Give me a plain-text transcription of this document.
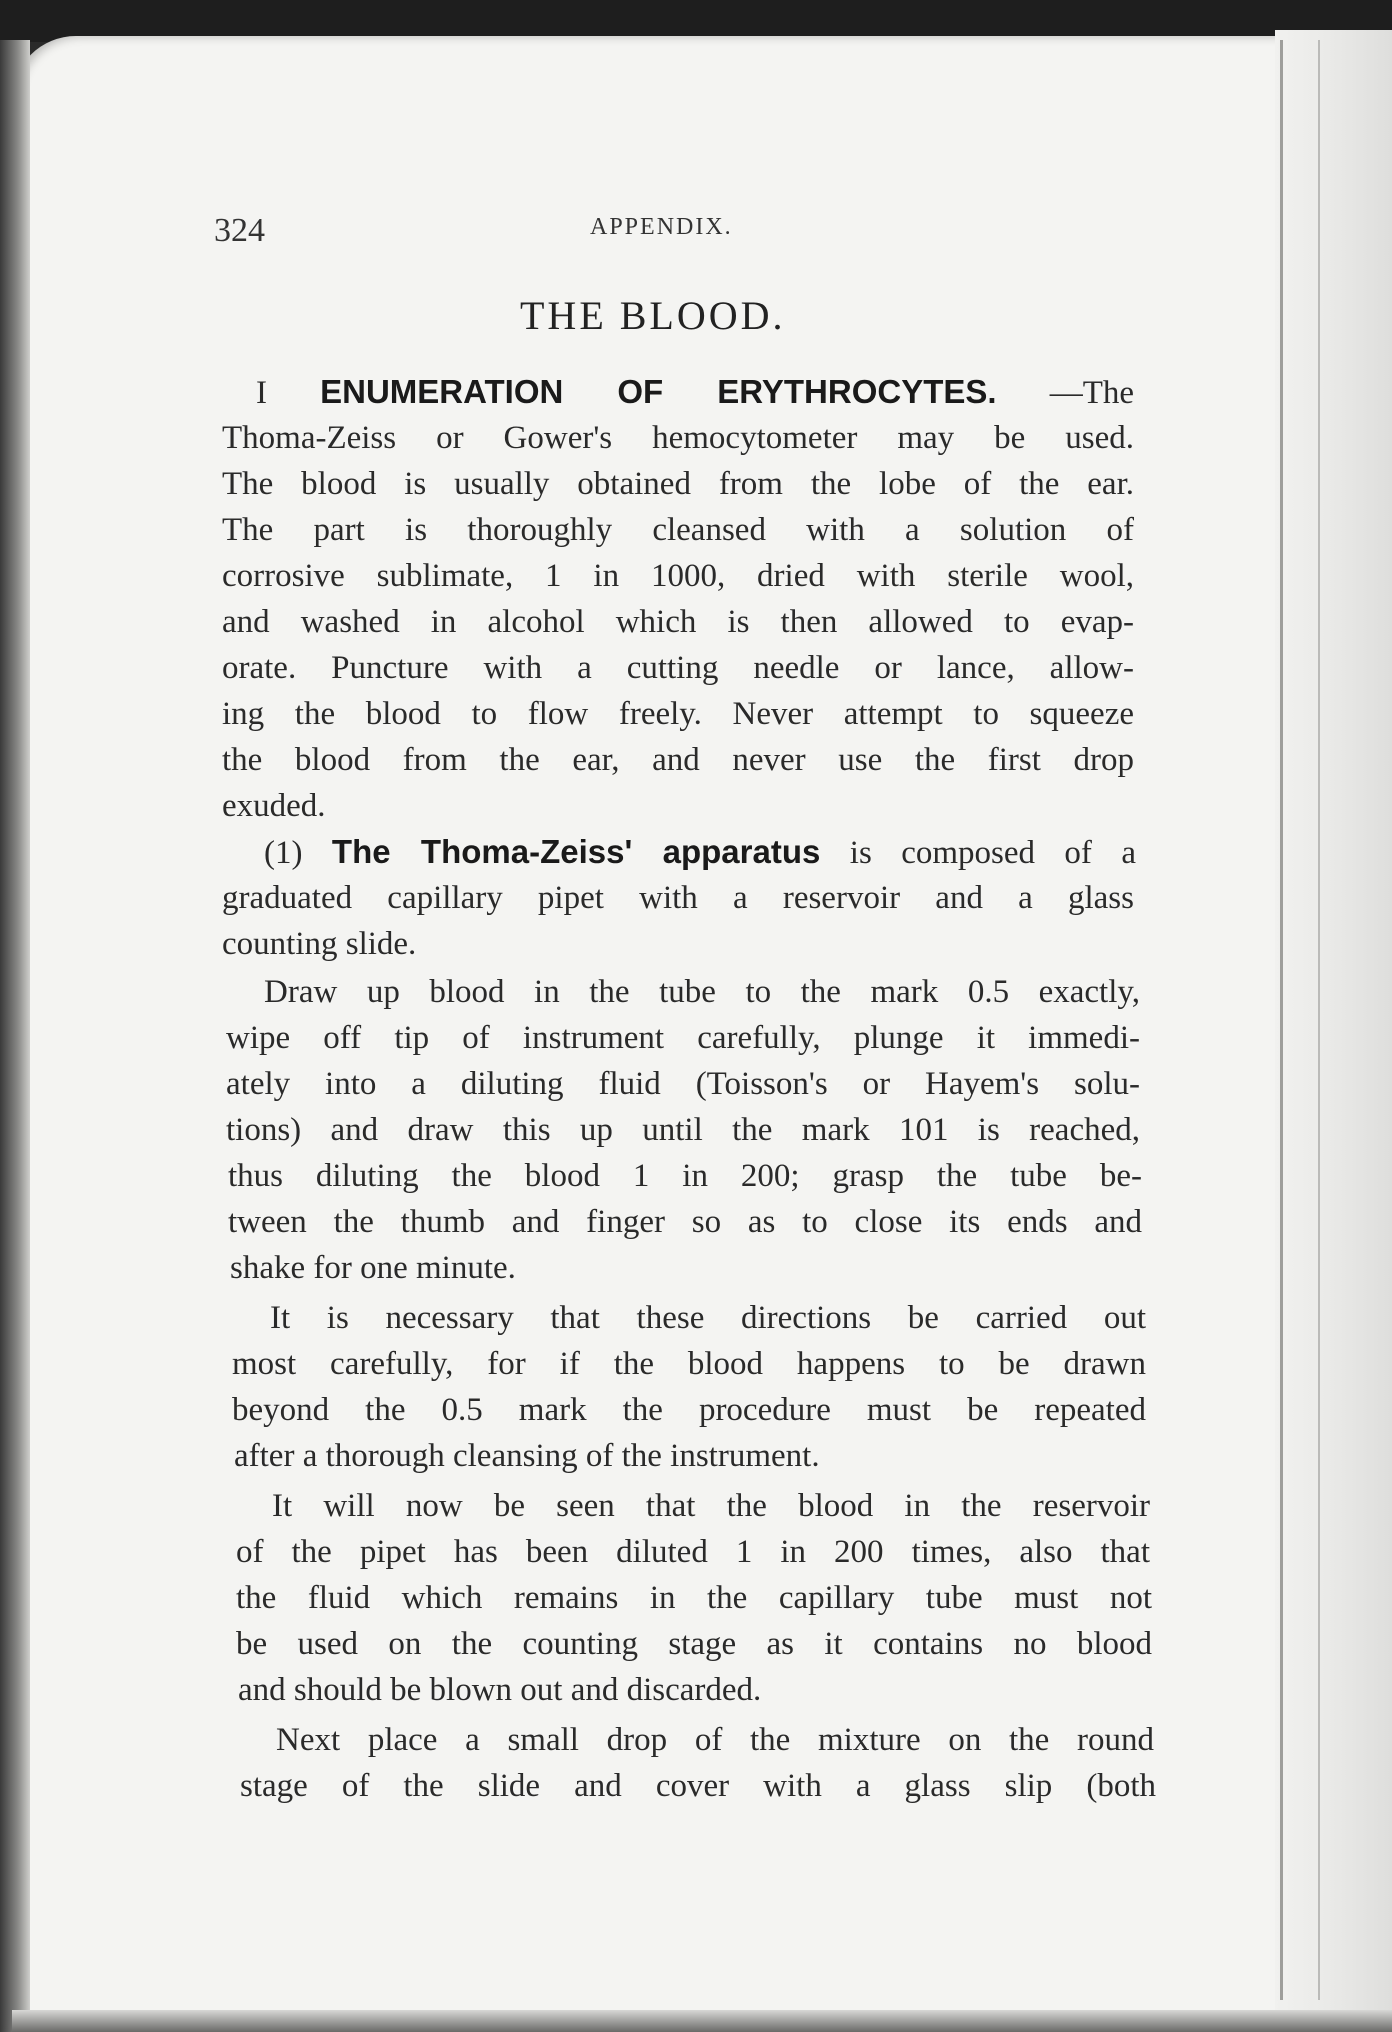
324	APPENDIX.
THE BLOOD.
I ENUMERATION OF ERYTHROCYTES. —The
Thoma-Zeiss or Gower's hemocytometer may be used.
The blood is usually obtained from the lobe of the ear.
The part is thoroughly cleansed with a solution of
corrosive sublimate, 1 in 1000, dried with sterile wool,
and washed in alcohol which is then allowed to evap-
orate. Puncture with a cutting needle or lance, allow-
ing the blood to flow freely. Never attempt to squeeze
the blood from the ear, and never use the first drop
exuded.
(1) The Thoma-Zeiss' apparatus is composed of a
graduated capillary pipet with a reservoir and a glass
counting slide.
Draw up blood in the tube to the mark 0.5 exactly,
wipe off tip of instrument carefully, plunge it immedi-
ately into a diluting fluid (Toisson's or Hayem's solu-
tions) and draw this up until the mark 101 is reached,
thus diluting the blood 1 in 200; grasp the tube be-
tween the thumb and finger so as to close its ends and
shake for one minute.
It is necessary that these directions be carried out
most carefully, for if the blood happens to be drawn
beyond the 0.5 mark the procedure must be repeated
after a thorough cleansing of the instrument.
It will now be seen that the blood in the reservoir
of the pipet has been diluted 1 in 200 times, also that
the fluid which remains in the capillary tube must not
be used on the counting stage as it contains no blood
and should be blown out and discarded.
Next place a small drop of the mixture on the round
stage of the slide and cover with a glass slip (both
